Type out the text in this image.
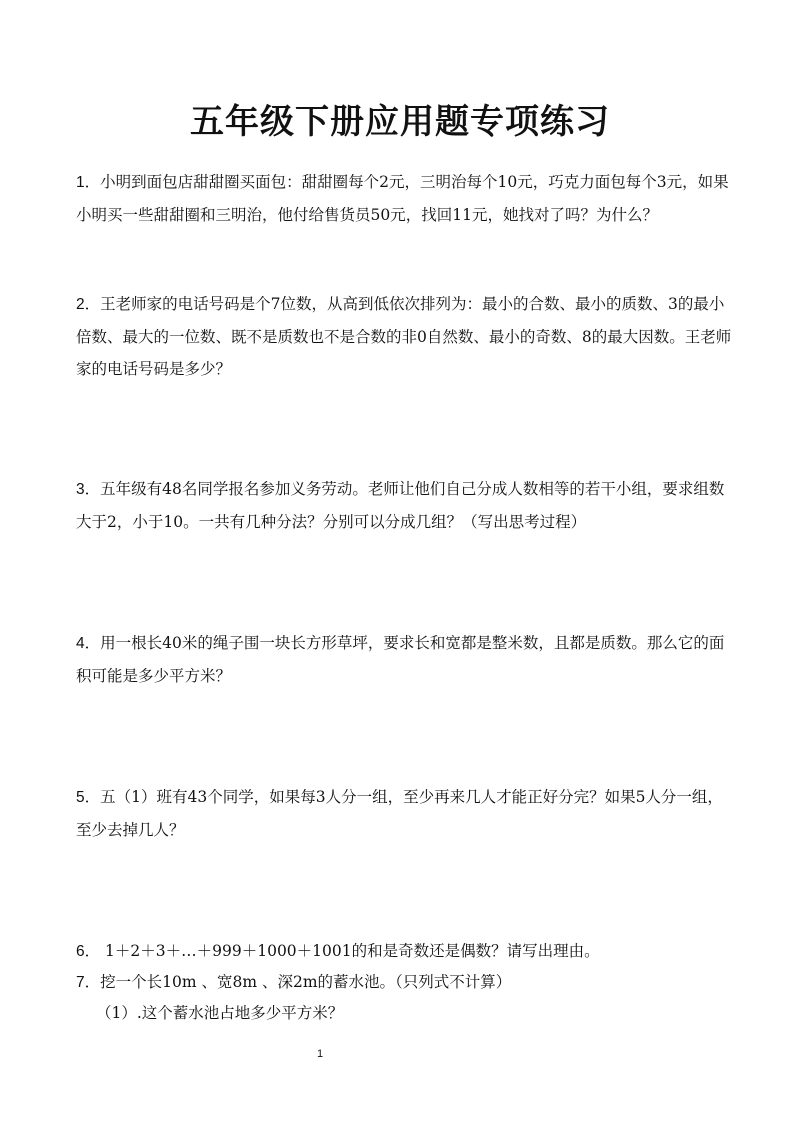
五年级下册应用题专项练习

1．小明到面包店甜甜圈买面包：甜甜圈每个2元，三明治每个10元，巧克力面包每个3元，如果小明买一些甜甜圈和三明治，他付给售货员50元，找回11元，她找对了吗？为什么？

2．王老师家的电话号码是个7位数，从高到低依次排列为：最小的合数、最小的质数、3的最小倍数、最大的一位数、既不是质数也不是合数的非0自然数、最小的奇数、8的最大因数。王老师家的电话号码是多少？

3．五年级有48名同学报名参加义务劳动。老师让他们自己分成人数相等的若干小组，要求组数大于2，小于10。一共有几种分法？分别可以分成几组？（写出思考过程）

4．用一根长40米的绳子围一块长方形草坪，要求长和宽都是整米数，且都是质数。那么它的面积可能是多少平方米？

5．五（1）班有43个同学，如果每3人分一组，至少再来几人才能正好分完？如果5人分一组，至少去掉几人？

6． 1＋2＋3＋…＋999＋1000＋1001的和是奇数还是偶数？请写出理由。

7．挖一个长10m 、宽8m 、深2m的蓄水池。（只列式不计算）

（1）.这个蓄水池占地多少平方米？

1
